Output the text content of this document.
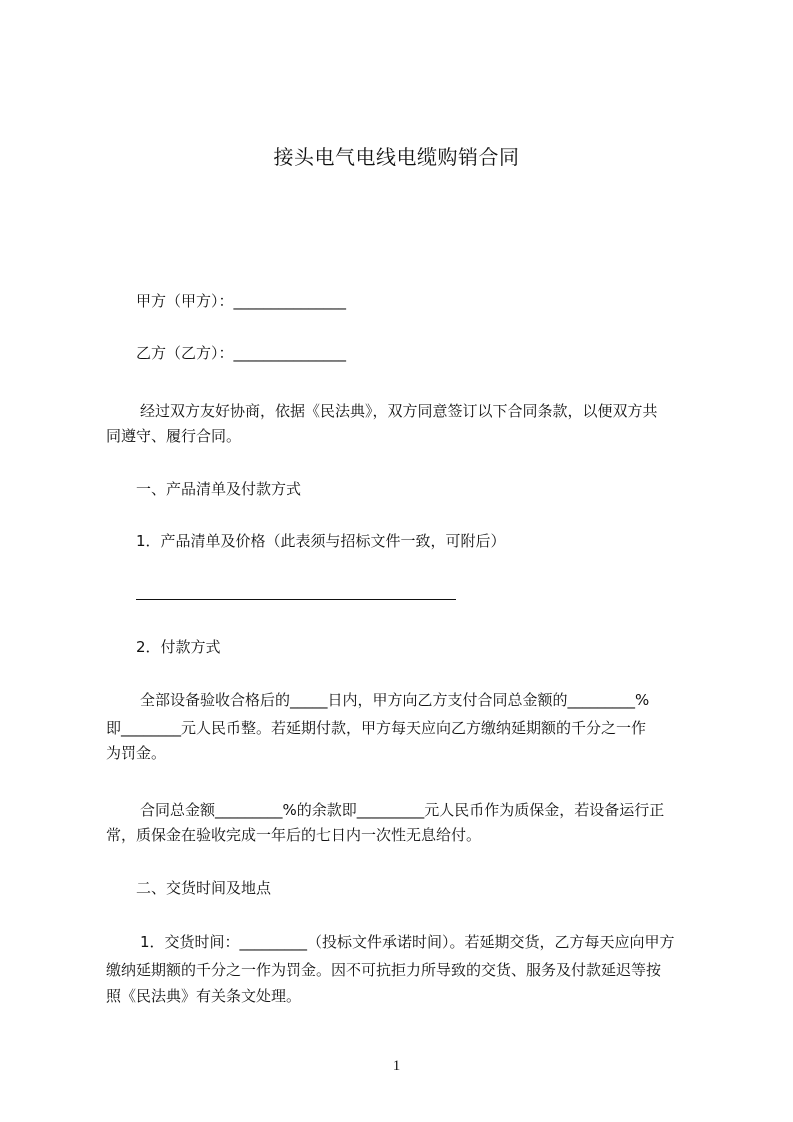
接头电气电线电缆购销合同
甲方（甲方）：_______________
乙方（乙方）：_______________
经过双方友好协商，依据《民法典》，双方同意签订以下合同条款，以便双方共
同遵守、履行合同。
一、产品清单及付款方式
1．产品清单及价格（此表须与招标文件一致，可附后）
2．付款方式
全部设备验收合格后的_____日内，甲方向乙方支付合同总金额的_________%
即________元人民币整。若延期付款，甲方每天应向乙方缴纳延期额的千分之一作
为罚金。
合同总金额_________%的余款即_________元人民币作为质保金，若设备运行正
常，质保金在验收完成一年后的七日内一次性无息给付。
二、交货时间及地点
1．交货时间：_________（投标文件承诺时间）。若延期交货，乙方每天应向甲方
缴纳延期额的千分之一作为罚金。因不可抗拒力所导致的交货、服务及付款延迟等按
照《民法典》有关条文处理。
1
